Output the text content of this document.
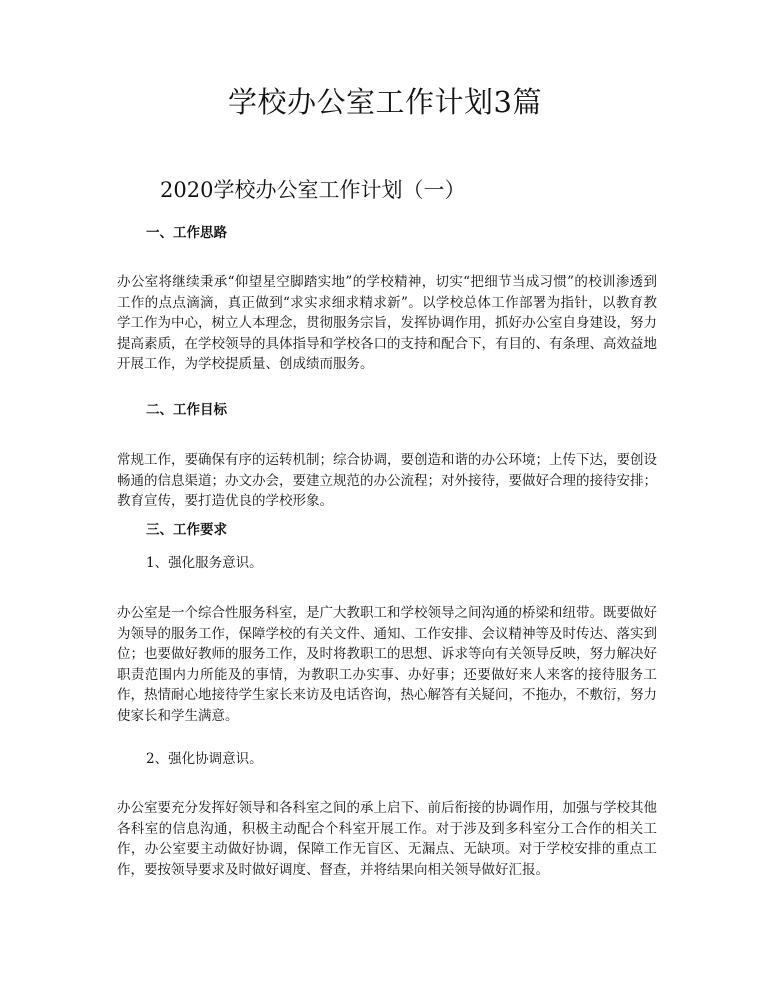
学校办公室工作计划3篇
2020学校办公室工作计划（一）

一、工作思路

办公室将继续秉承“仰望星空脚踏实地”的学校精神，切实“把细节当成习惯”的校训渗透到工作的点点滴滴，真正做到“求实求细求精求新”。以学校总体工作部署为指针，以教育教学工作为中心，树立人本理念，贯彻服务宗旨，发挥协调作用，抓好办公室自身建设，努力提高素质，在学校领导的具体指导和学校各口的支持和配合下，有目的、有条理、高效益地开展工作，为学校提质量、创成绩而服务。

二、工作目标

常规工作，要确保有序的运转机制；综合协调，要创造和谐的办公环境；上传下达，要创设畅通的信息渠道；办文办会，要建立规范的办公流程；对外接待，要做好合理的接待安排；教育宣传，要打造优良的学校形象。

三、工作要求

1、强化服务意识。

办公室是一个综合性服务科室，是广大教职工和学校领导之间沟通的桥梁和纽带。既要做好为领导的服务工作，保障学校的有关文件、通知、工作安排、会议精神等及时传达、落实到位；也要做好教师的服务工作，及时将教职工的思想、诉求等向有关领导反映，努力解决好职责范围内力所能及的事情，为教职工办实事、办好事；还要做好来人来客的接待服务工作，热情耐心地接待学生家长来访及电话咨询，热心解答有关疑问，不拖办，不敷衍，努力使家长和学生满意。

2、强化协调意识。

办公室要充分发挥好领导和各科室之间的承上启下、前后衔接的协调作用，加强与学校其他各科室的信息沟通，积极主动配合个科室开展工作。对于涉及到多科室分工合作的相关工作，办公室要主动做好协调，保障工作无盲区、无漏点、无缺项。对于学校安排的重点工作，要按领导要求及时做好调度、督查，并将结果向相关领导做好汇报。
